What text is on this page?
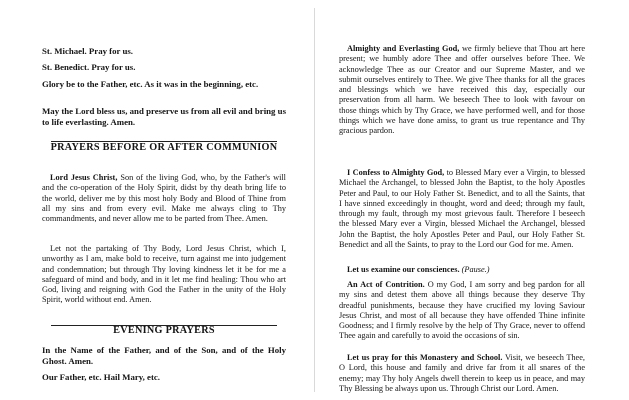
St. Michael. Pray for us.

St. Benedict. Pray for us.

Glory be to the Father, etc. As it was in the beginning, etc.

May the Lord bless us, and preserve us from all evil and bring us to life everlasting. Amen.

PRAYERS BEFORE OR AFTER COMMUNION

Lord Jesus Christ, Son of the living God, who, by the Father's will and the co-operation of the Holy Spirit, didst by thy death bring life to the world, deliver me by this most holy Body and Blood of Thine from all my sins and from every evil. Make me always cling to Thy commandments, and never allow me to be parted from Thee. Amen.

Let not the partaking of Thy Body, Lord Jesus Christ, which I, unworthy as I am, make bold to receive, turn against me into judgement and condemnation; but through Thy loving kindness let it be for me a safeguard of mind and body, and in it let me find healing: Thou who art God, living and reigning with God the Father in the unity of the Holy Spirit, world without end. Amen.

EVENING PRAYERS

In the Name of the Father, and of the Son, and of the Holy Ghost. Amen.

Our Father, etc. Hail Mary, etc.

Almighty and Everlasting God, we firmly believe that Thou art here present; we humbly adore Thee and offer ourselves before Thee. We acknowledge Thee as our Creator and our Supreme Master, and we submit ourselves entirely to Thee. We give Thee thanks for all the graces and blessings which we have received this day, especially our preservation from all harm. We beseech Thee to look with favour on those things which by Thy Grace, we have performed well, and for those things which we have done amiss, to grant us true repentance and Thy gracious pardon.

I Confess to Almighty God, to Blessed Mary ever a Virgin, to blessed Michael the Archangel, to blessed John the Baptist, to the holy Apostles Peter and Paul, to our Holy Father St. Benedict, and to all the Saints, that I have sinned exceedingly in thought, word and deed; through my fault, through my fault, through my most grievous fault. Therefore I beseech the blessed Mary ever a Virgin, blessed Michael the Archangel, blessed John the Baptist, the holy Apostles Peter and Paul, our Holy Father St. Benedict and all the Saints, to pray to the Lord our God for me. Amen.

Let us examine our consciences. (Pause.)

An Act of Contrition. O my God, I am sorry and beg pardon for all my sins and detest them above all things because they deserve Thy dreadful punishments, because they have crucified my loving Saviour Jesus Christ, and most of all because they have offended Thine infinite Goodness; and I firmly resolve by the help of Thy Grace, never to offend Thee again and carefully to avoid the occasions of sin.

Let us pray for this Monastery and School. Visit, we beseech Thee, O Lord, this house and family and drive far from it all snares of the enemy; may Thy holy Angels dwell therein to keep us in peace, and may Thy Blessing be always upon us. Through Christ our Lord. Amen.
